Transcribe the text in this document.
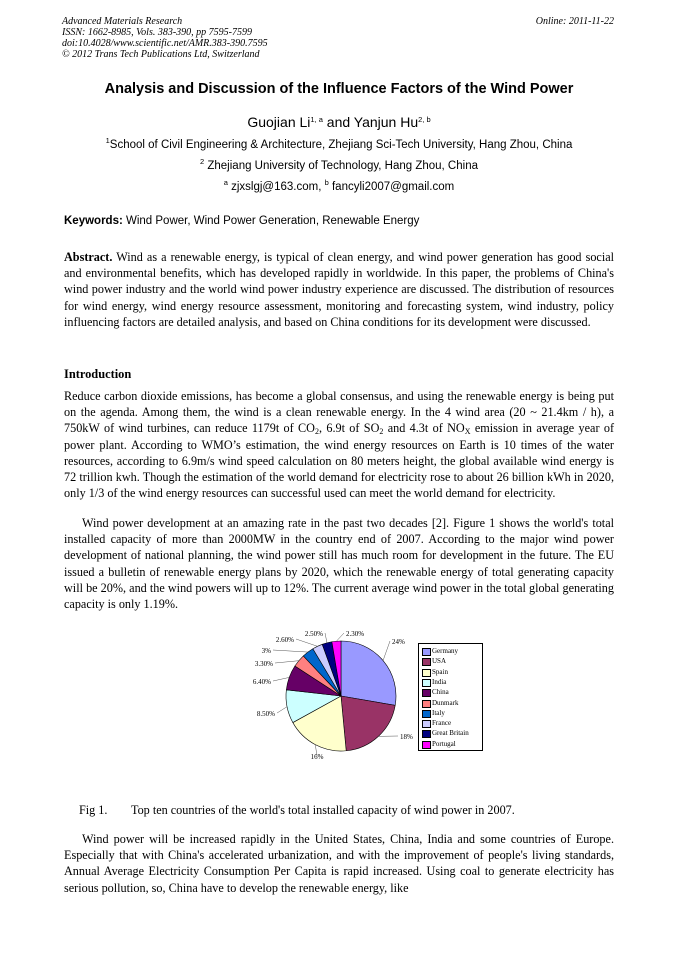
Advanced Materials Research
ISSN: 1662-8985, Vols. 383-390, pp 7595-7599
doi:10.4028/www.scientific.net/AMR.383-390.7595
© 2012 Trans Tech Publications Ltd, Switzerland
Online: 2011-11-22
Analysis and Discussion of the Influence Factors of the Wind Power
Guojian Li$^{1, a}$ and Yanjun Hu$^{2, b}$
$^1$School of Civil Engineering & Architecture, Zhejiang Sci-Tech University, Hang Zhou, China
$^2$ Zhejiang University of Technology, Hang Zhou, China
$^a$ zjxslgj@163.com, $^b$ fancyli2007@gmail.com
Keywords: Wind Power, Wind Power Generation, Renewable Energy
Abstract. Wind as a renewable energy, is typical of clean energy, and wind power generation has good social and environmental benefits, which has developed rapidly in worldwide. In this paper, the problems of China's wind power industry and the world wind power industry experience are discussed. The distribution of resources for wind energy, wind energy resource assessment, monitoring and forecasting system, wind industry, policy influencing factors are detailed analysis, and based on China conditions for its development were discussed.
Introduction
Reduce carbon dioxide emissions, has become a global consensus, and using the renewable energy is being put on the agenda. Among them, the wind is a clean renewable energy. In the 4 wind area (20 ~ 21.4km / h), a 750kW of wind turbines, can reduce 1179t of $CO_2$, 6.9t of $SO_2$ and 4.3t of $NO_X$ emission in average year of power plant. According to WMO’s estimation, the wind energy resources on Earth is 10 times of the water resources, according to 6.9m/s wind speed calculation on 80 meters height, the global available wind energy is 72 trillion kwh. Though the estimation of the world demand for electricity rose to about 26 billion kWh in 2020, only 1/3 of the wind energy resources can successful used can meet the world demand for electricity.
Wind power development at an amazing rate in the past two decades [2]. Figure 1 shows the world's total installed capacity of more than 2000MW in the country end of 2007. According to the major wind power development of national planning, the wind power still has much room for development in the future. The EU issued a bulletin of renewable energy plans by 2020, which the renewable energy of total generating capacity will be 20%, and the wind powers will up to 12%. The current average wind power in the total global generating capacity is only 1.19%.
24%
18%
16%
8.50%
6.40%
3.30%
3%
2.60%
2.50%	2.30%
Germany
USA
Spain
India
China
Dunmark
Italy
France
Great Britain
Portugal
Fig 1. Top ten countries of the world's total installed capacity of wind power in 2007.
Wind power will be increased rapidly in the United States, China, India and some countries of Europe. Especially that with China's accelerated urbanization, and with the improvement of people's living standards, Annual Average Electricity Consumption Per Capita is rapid increased. Using coal to generate electricity has serious pollution, so, China have to develop the renewable energy, like
